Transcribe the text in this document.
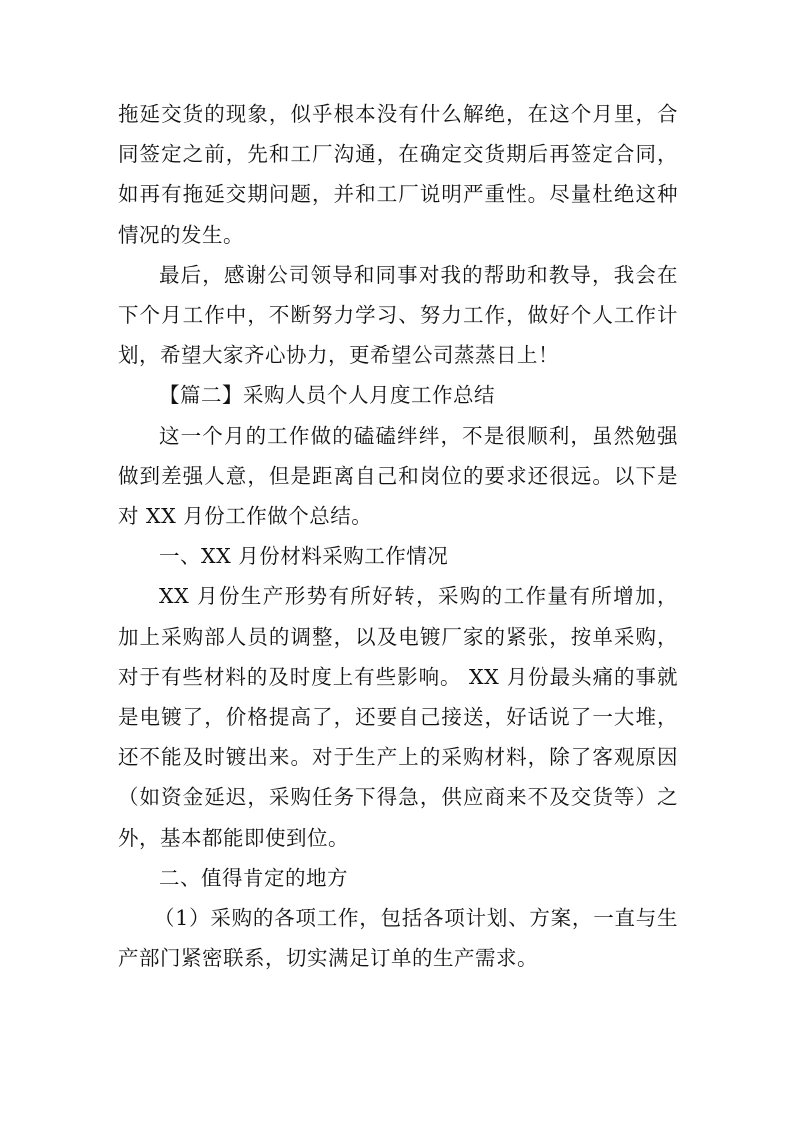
拖延交货的现象，似乎根本没有什么解绝，在这个月里，合同签定之前，先和工厂沟通，在确定交货期后再签定合同，如再有拖延交期问题，并和工厂说明严重性。尽量杜绝这种情况的发生。

最后，感谢公司领导和同事对我的帮助和教导，我会在下个月工作中，不断努力学习、努力工作，做好个人工作计划，希望大家齐心协力，更希望公司蒸蒸日上！

【篇二】采购人员个人月度工作总结

这一个月的工作做的磕磕绊绊，不是很顺利，虽然勉强做到差强人意，但是距离自己和岗位的要求还很远。以下是对 XX 月份工作做个总结。

一、XX 月份材料采购工作情况

XX 月份生产形势有所好转，采购的工作量有所增加，加上采购部人员的调整，以及电镀厂家的紧张，按单采购，对于有些材料的及时度上有些影响。 XX 月份最头痛的事就是电镀了，价格提高了，还要自己接送，好话说了一大堆，还不能及时镀出来。对于生产上的采购材料，除了客观原因（如资金延迟，采购任务下得急，供应商来不及交货等）之外，基本都能即使到位。

二、值得肯定的地方

（1）采购的各项工作，包括各项计划、方案，一直与生产部门紧密联系，切实满足订单的生产需求。
